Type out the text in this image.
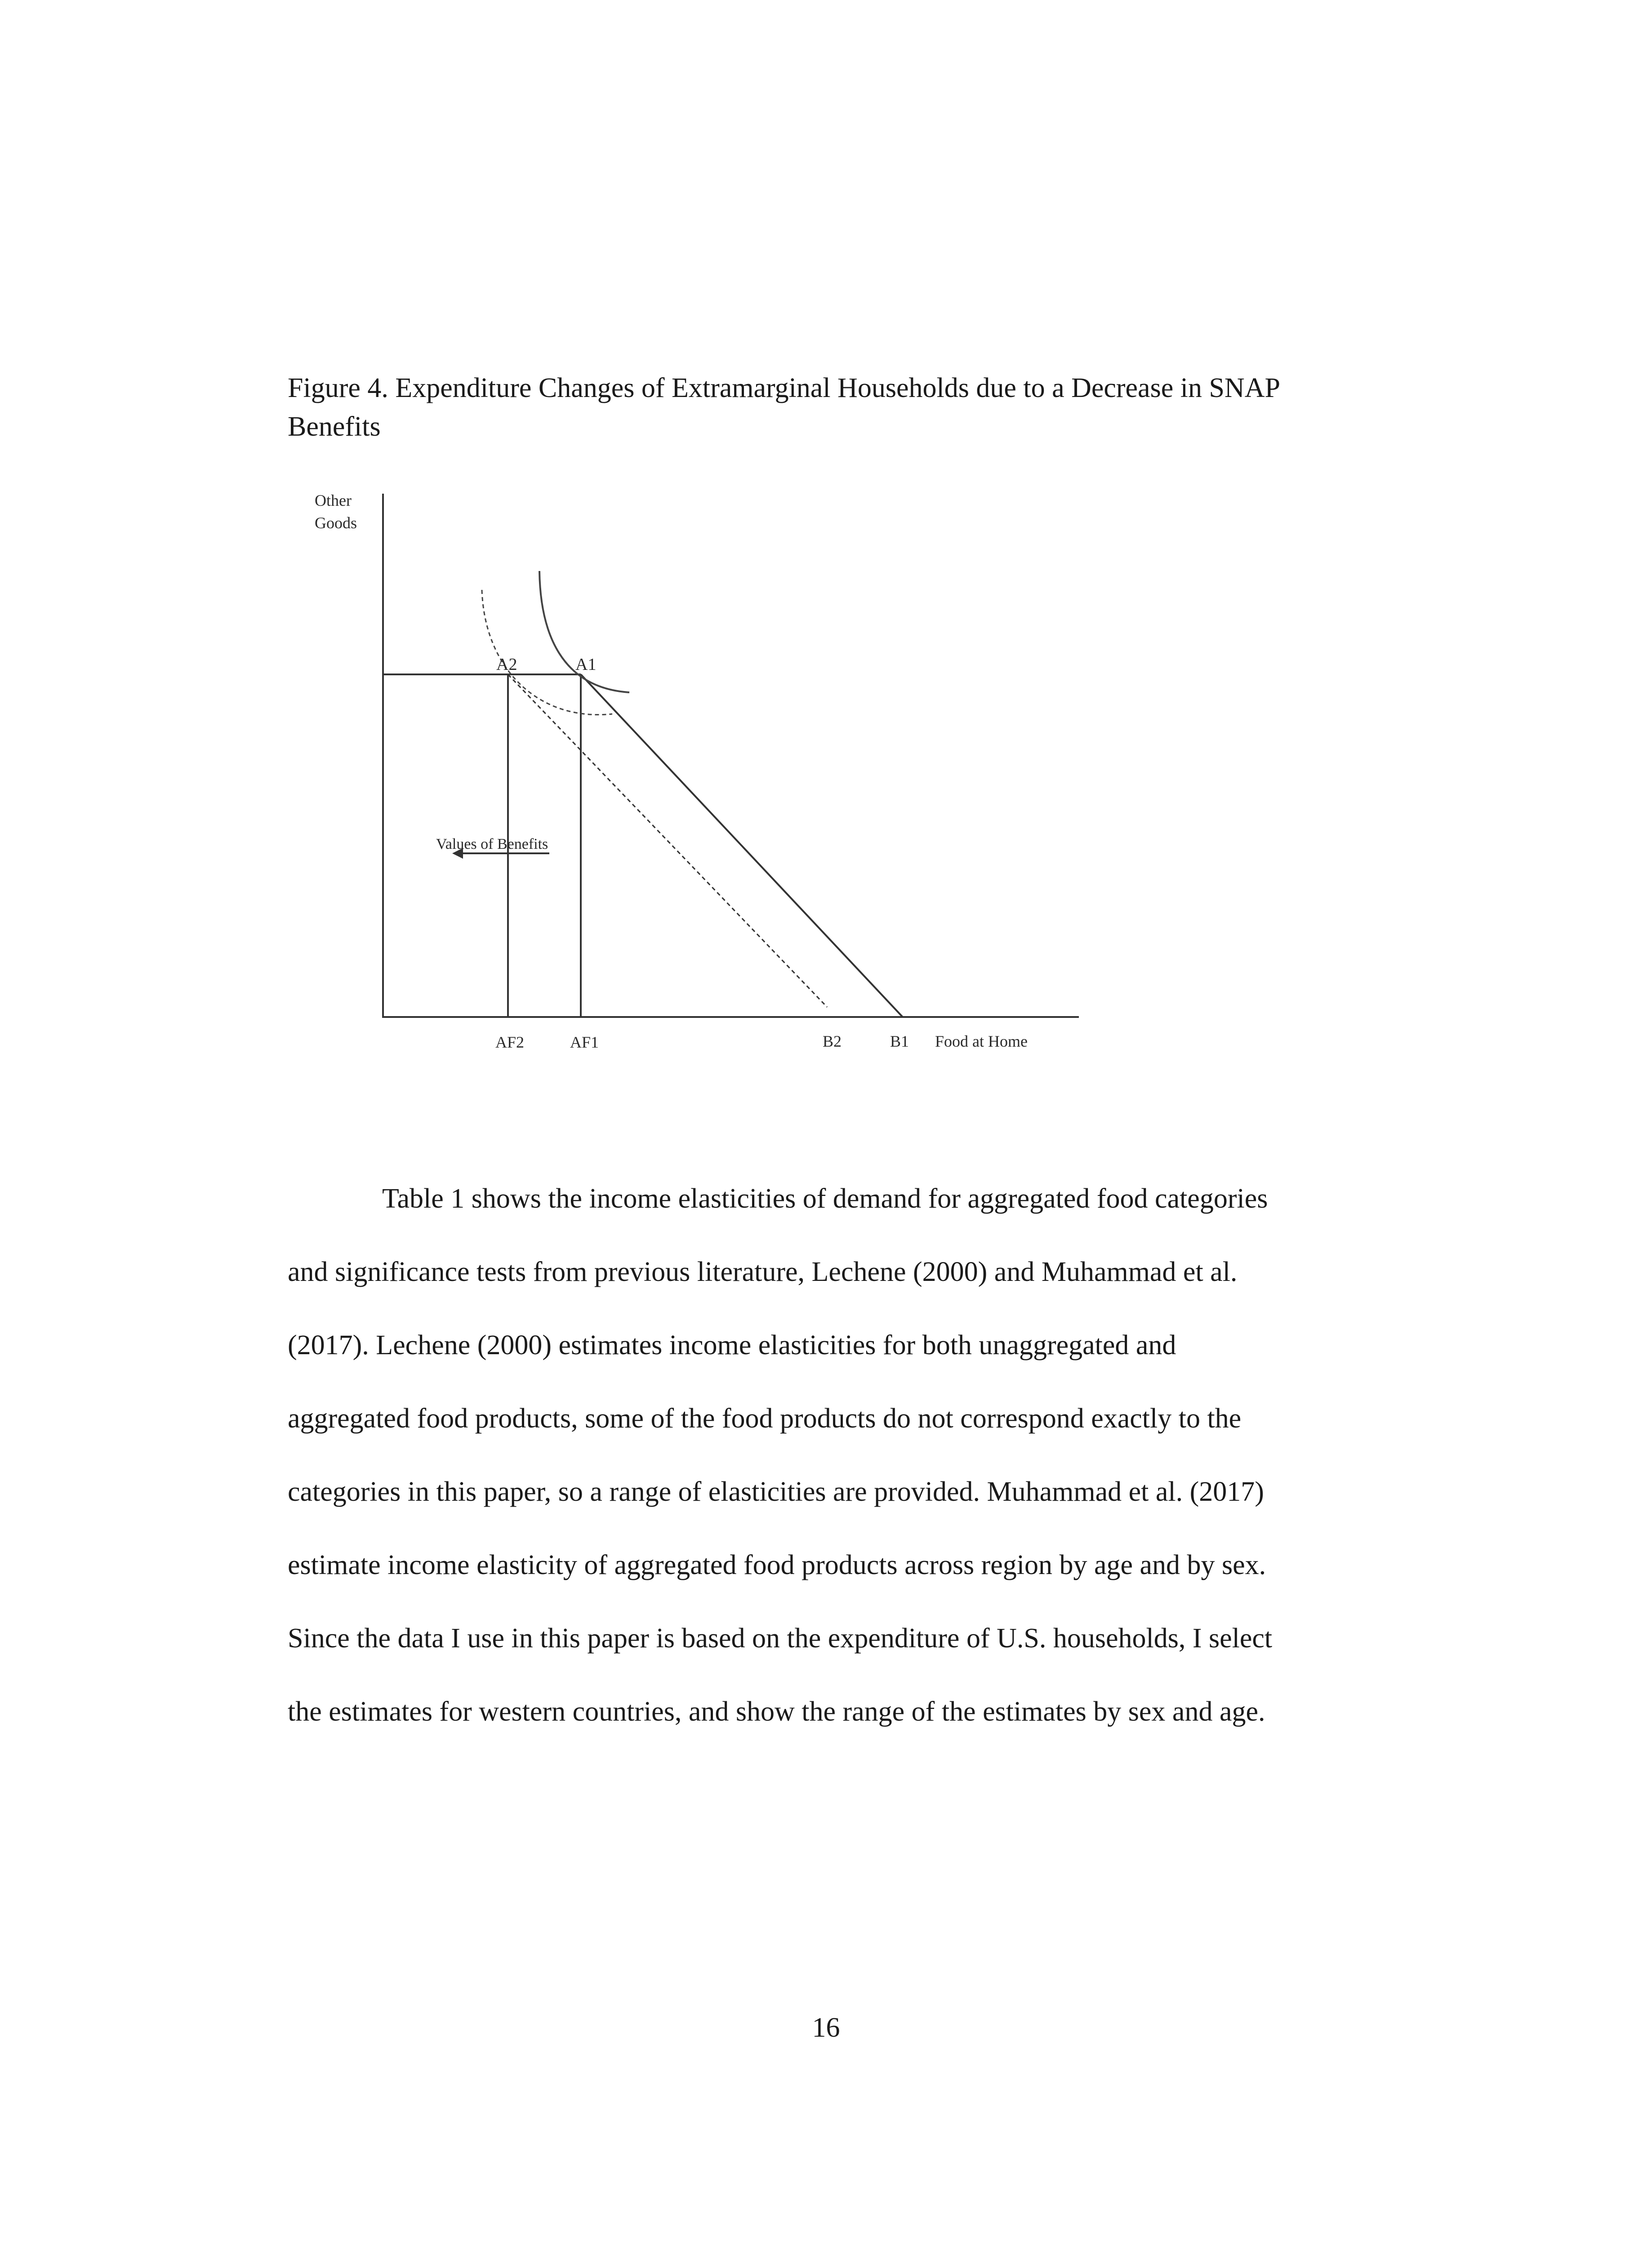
Figure 4. Expenditure Changes of Extramarginal Households due to a Decrease in SNAP
Benefits
Other
Goods
A2	A1
Values of Benefits
AF2	AF1	B2	B1 Food at Home

Table 1 shows the income elasticities of demand for aggregated food categories
and significance tests from previous literature, Lechene (2000) and Muhammad et al.
(2017). Lechene (2000) estimates income elasticities for both unaggregated and
aggregated food products, some of the food products do not correspond exactly to the
categories in this paper, so a range of elasticities are provided. Muhammad et al. (2017)
estimate income elasticity of aggregated food products across region by age and by sex.
Since the data I use in this paper is based on the expenditure of U.S. households, I select
the estimates for western countries, and show the range of the estimates by sex and age.

16
